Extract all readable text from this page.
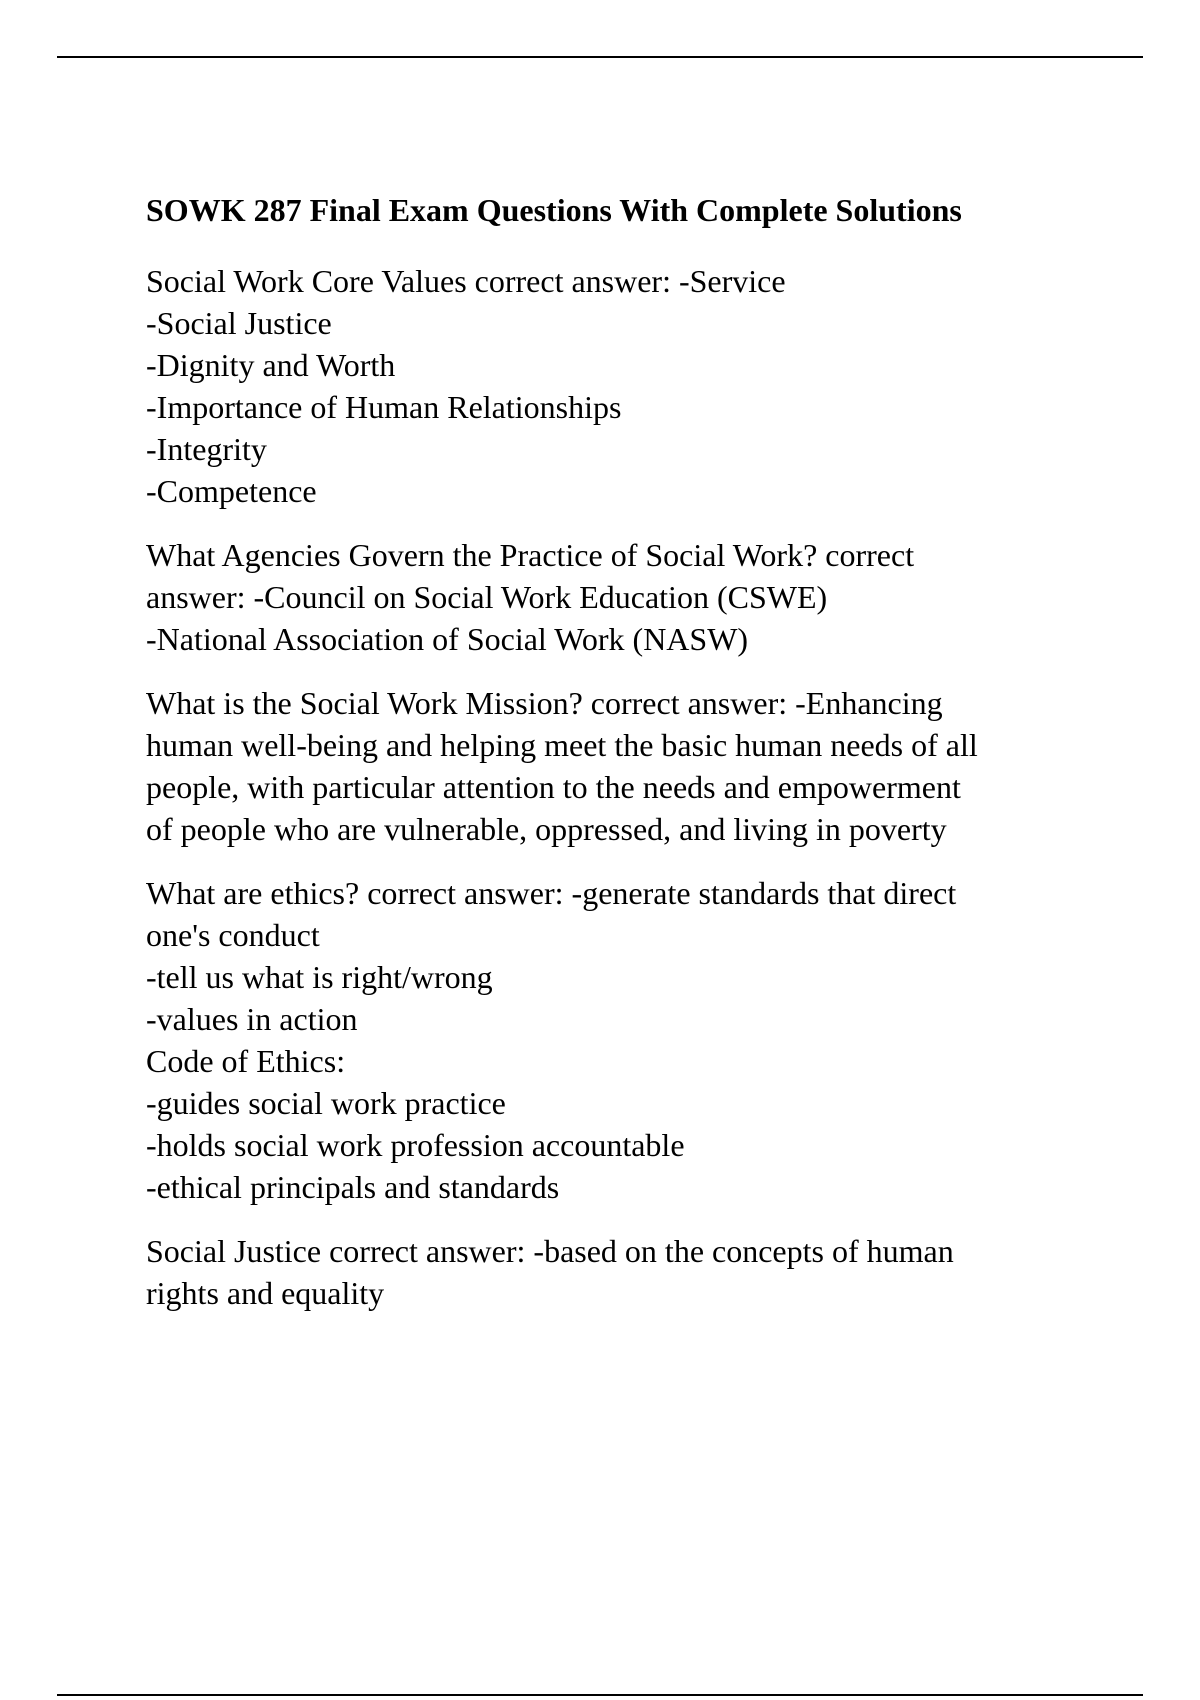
SOWK 287 Final Exam Questions With Complete Solutions
Social Work Core Values correct answer: -Service
-Social Justice
-Dignity and Worth
-Importance of Human Relationships
-Integrity
-Competence
What Agencies Govern the Practice of Social Work? correct
answer: -Council on Social Work Education (CSWE)
-National Association of Social Work (NASW)
What is the Social Work Mission? correct answer: -Enhancing
human well-being and helping meet the basic human needs of all
people, with particular attention to the needs and empowerment
of people who are vulnerable, oppressed, and living in poverty
What are ethics? correct answer: -generate standards that direct
one's conduct
-tell us what is right/wrong
-values in action
Code of Ethics:
-guides social work practice
-holds social work profession accountable
-ethical principals and standards
Social Justice correct answer: -based on the concepts of human
rights and equality
